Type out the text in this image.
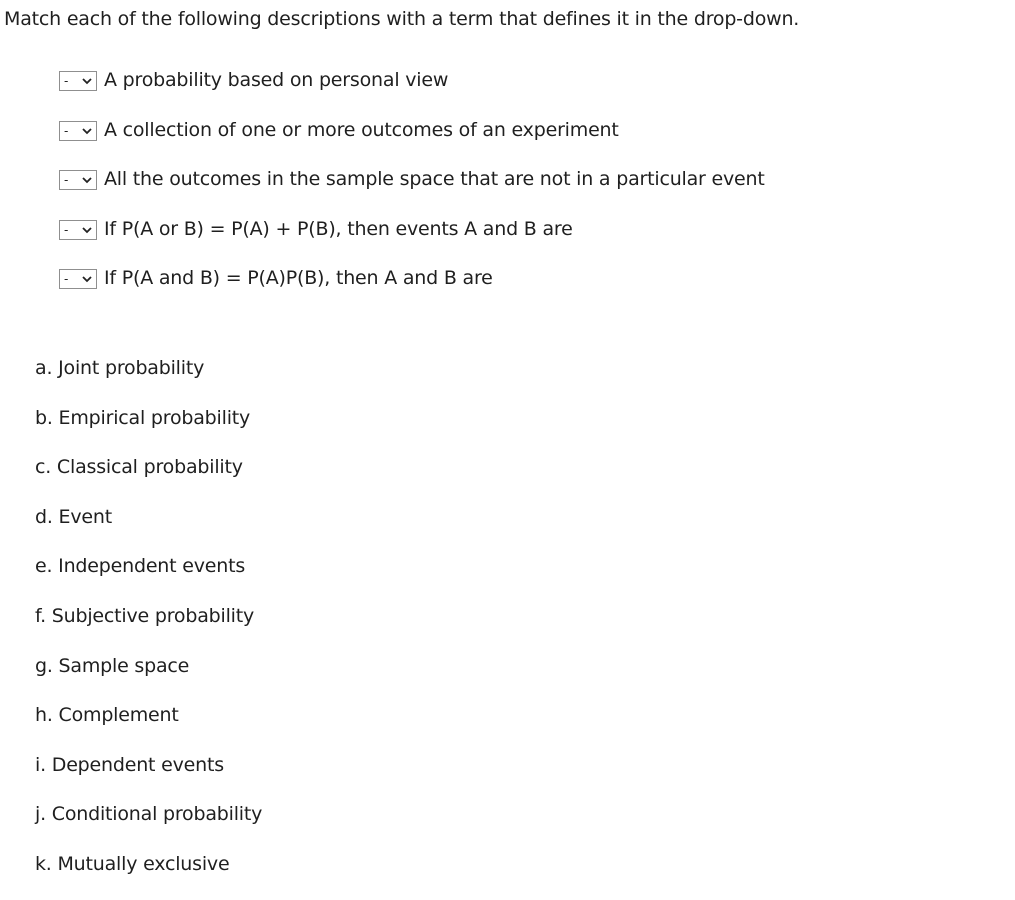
Match each of the following descriptions with a term that defines it in the drop-down.
- A probability based on personal view
- A collection of one or more outcomes of an experiment
- All the outcomes in the sample space that are not in a particular event
- If P(A or B) = P(A) + P(B), then events A and B are
- If P(A and B) = P(A)P(B), then A and B are
a. Joint probability
b. Empirical probability
c. Classical probability
d. Event
e. Independent events
f. Subjective probability
g. Sample space
h. Complement
i. Dependent events
j. Conditional probability
k. Mutually exclusive
